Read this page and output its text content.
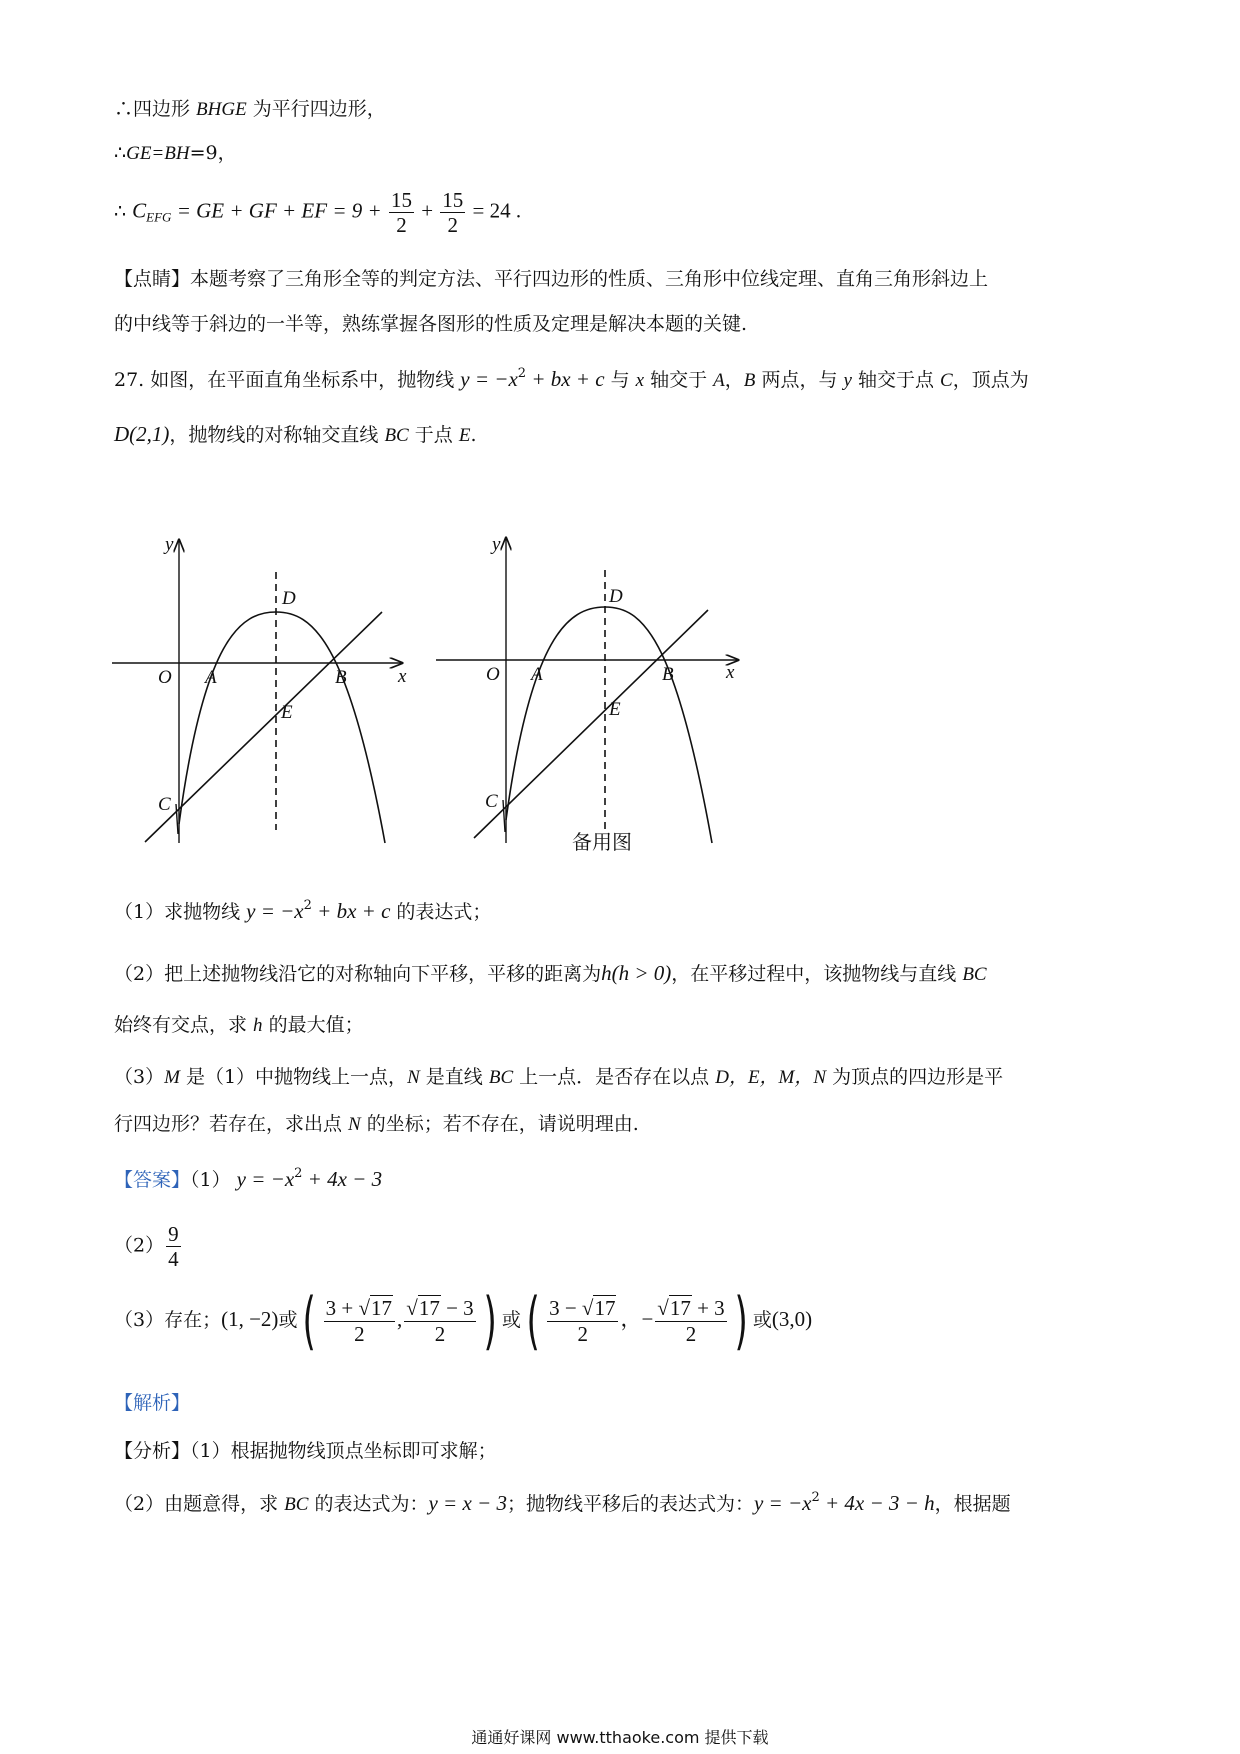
∴四边形 BHGE 为平行四边形，
∴GE=BH=9，
∴ $C_{EFG}$ = GE + GF + EF = $9 + \frac{15}{2} + \frac{15}{2} = 24$ .
【点睛】本题考察了三角形全等的判定方法、平行四边形的性质、三角形中位线定理、直角三角形斜边上
的中线等于斜边的一半等，熟练掌握各图形的性质及定理是解决本题的关键.
27. 如图，在平面直角坐标系中，抛物线 $y = -x^2$ + bx + c 与 x 轴交于 A，B 两点，与 y 轴交于点 C，顶点为
D(2,1)，抛物线的对称轴交直线 BC 于点 E.
y
x
O A	B
C
D
E
y
x
O A	B
C
D
E
备用图
（1）求抛物线 $y = -x^2$ + bx + c 的表达式；
（2）把上述抛物线沿它的对称轴向下平移，平移的距离为h(h > 0)，在平移过程中，该抛物线与直线 BC
始终有交点，求 h 的最大值；
（3）M 是（1）中抛物线上一点，N 是直线 BC 上一点．是否存在以点 D，E，M，N 为顶点的四边形是平
行四边形？若存在，求出点 N 的坐标；若不存在，请说明理由.
【答案】（1） $y = -x^2 + 4x - 3$
$(2) \frac{9}{4}$
（3）存在；(1, −2)或( $\frac{3 + √17}{2}$ , $\frac{√17 - 3}{2}$ ) 或( $\frac{3 - √17}{2}$ ，− $\frac{√17 + 3}{2}$ ) 或(3,0)
【解析】
【分析】（1）根据抛物线顶点坐标即可求解；
（2）由题意得，求 BC 的表达式为：y = x − 3；抛物线平移后的表达式为：$y = -x^2 + 4x - 3 - h$，根据题
通通好课网 www.tthaoke.com 提供下载
